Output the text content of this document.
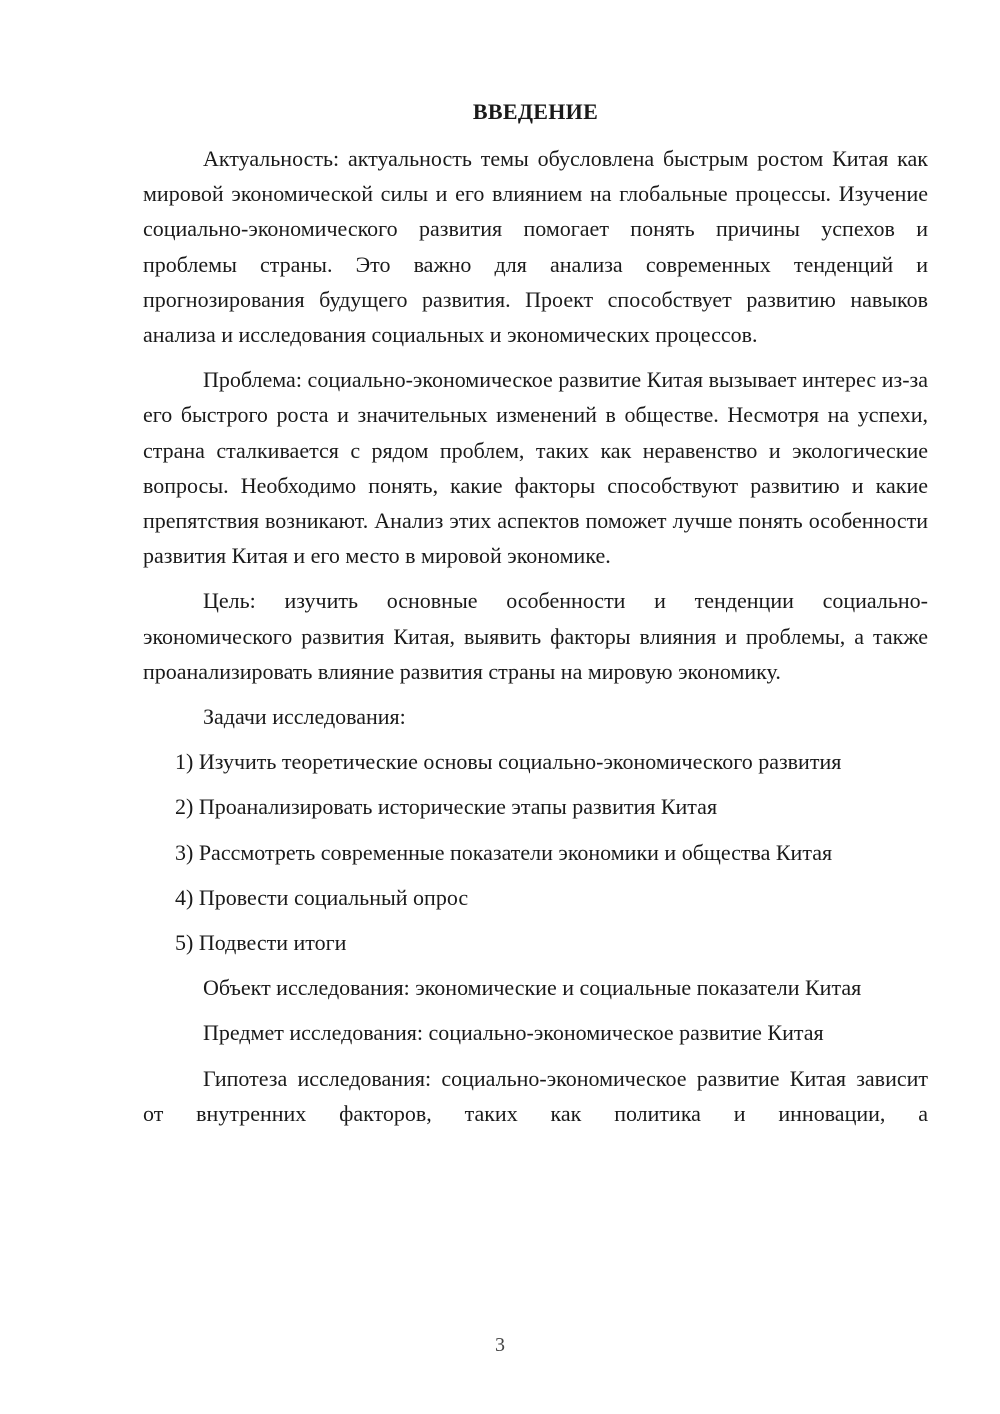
ВВЕДЕНИЕ

Актуальность: актуальность темы обусловлена быстрым ростом Китая как мировой экономической силы и его влиянием на глобальные процессы. Изучение социально-экономического развития помогает понять причины успехов и проблемы страны. Это важно для анализа современных тенденций и прогнозирования будущего развития. Проект способствует развитию навыков анализа и исследования социальных и экономических процессов.

Проблема: социально-экономическое развитие Китая вызывает интерес из-за его быстрого роста и значительных изменений в обществе. Несмотря на успехи, страна сталкивается с рядом проблем, таких как неравенство и экологические вопросы. Необходимо понять, какие факторы способствуют развитию и какие препятствия возникают. Анализ этих аспектов поможет лучше понять особенности развития Китая и его место в мировой экономике.

Цель: изучить основные особенности и тенденции социально-экономического развития Китая, выявить факторы влияния и проблемы, а также проанализировать влияние развития страны на мировую экономику.

Задачи исследования:

1) Изучить теоретические основы социально-экономического развития

2) Проанализировать исторические этапы развития Китая

3) Рассмотреть современные показатели экономики и общества Китая

4) Провести социальный опрос

5) Подвести итоги

Объект исследования: экономические и социальные показатели Китая

Предмет исследования: социально-экономическое развитие Китая

Гипотеза исследования: социально-экономическое развитие Китая зависит от внутренних факторов, таких как политика и инновации, а

3
